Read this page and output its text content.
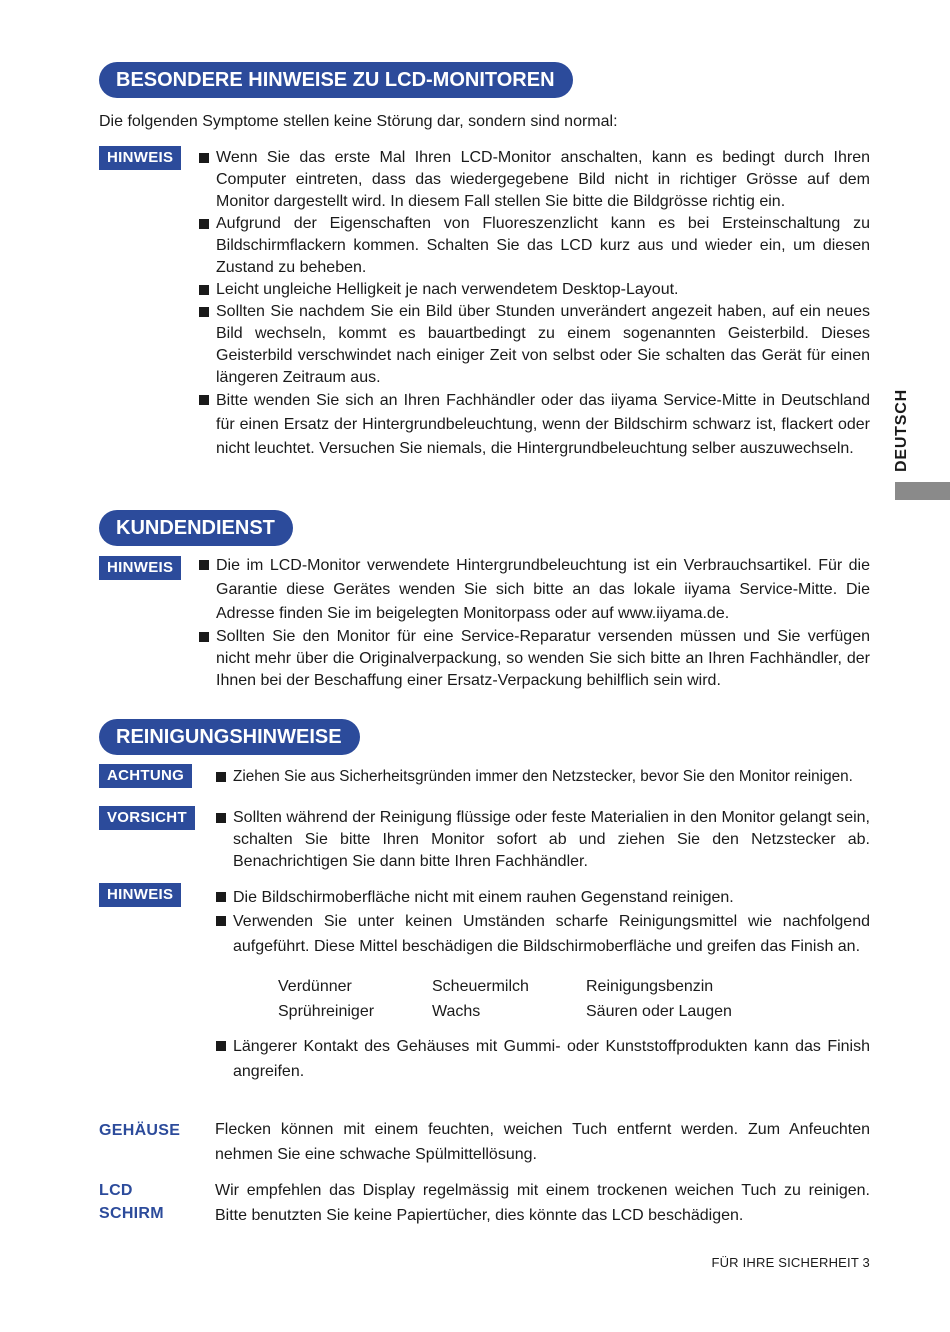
BESONDERE HINWEISE ZU LCD-MONITOREN
Die folgenden Symptome stellen keine Störung dar, sondern sind normal:
HINWEIS	Wenn Sie das erste Mal Ihren LCD-Monitor anschalten, kann es bedingt durch Ihren Computer eintreten, dass das wiedergegebene Bild nicht in richtiger Grösse auf dem Monitor dargestellt wird. In diesem Fall stellen Sie bitte die Bildgrösse richtig ein.
Aufgrund der Eigenschaften von Fluoreszenzlicht kann es bei Ersteinschaltung zu Bildschirmflackern kommen. Schalten Sie das LCD kurz aus und wieder ein, um diesen Zustand zu beheben.
Leicht ungleiche Helligkeit je nach verwendetem Desktop-Layout.
Sollten Sie nachdem Sie ein Bild über Stunden unverändert angezeit haben, auf ein neues Bild wechseln, kommt es bauartbedingt zu einem sogenannten Geisterbild. Dieses Geisterbild verschwindet nach einiger Zeit von selbst oder Sie schalten das Gerät für einen längeren Zeitraum aus.
Bitte wenden Sie sich an Ihren Fachhändler oder das iiyama Service-Mitte in Deutschland für einen Ersatz der Hintergrundbeleuchtung, wenn der Bildschirm schwarz ist, flackert oder nicht leuchtet. Versuchen Sie niemals, die Hintergrundbeleuchtung selber auszuwechseln.	DEUTSCH
KUNDENDIENST
HINWEIS	Die im LCD-Monitor verwendete Hintergrundbeleuchtung ist ein Verbrauchsartikel. Für die Garantie diese Gerätes wenden Sie sich bitte an das lokale iiyama Service-Mitte. Die Adresse finden Sie im beigelegten Monitorpass oder auf www.iiyama.de.
Sollten Sie den Monitor für eine Service-Reparatur versenden müssen und Sie verfügen nicht mehr über die Originalverpackung, so wenden Sie sich bitte an Ihren Fachhändler, der Ihnen bei der Beschaffung einer Ersatz-Verpackung behilflich sein wird.
REINIGUNGSHINWEISE
ACHTUNG	Ziehen Sie aus Sicherheitsgründen immer den Netzstecker, bevor Sie den Monitor reinigen.
VORSICHT	Sollten während der Reinigung flüssige oder feste Materialien in den Monitor gelangt sein, schalten Sie bitte Ihren Monitor sofort ab und ziehen Sie den Netzstecker ab. Benachrichtigen Sie dann bitte Ihren Fachhändler.
HINWEIS	Die Bildschirmoberfläche nicht mit einem rauhen Gegenstand reinigen.
Verwenden Sie unter keinen Umständen scharfe Reinigungsmittel wie nachfolgend aufgeführt. Diese Mittel beschädigen die Bildschirmoberfläche und greifen das Finish an.
Verdünner	Scheuermilch	Reinigungsbenzin
Sprühreiniger	Wachs	Säuren oder Laugen
Längerer Kontakt des Gehäuses mit Gummi- oder Kunststoffprodukten kann das Finish angreifen.
GEHÄUSE Flecken können mit einem feuchten, weichen Tuch entfernt werden. Zum Anfeuchten nehmen Sie eine schwache Spülmittellösung.
LCD
SCHIRM
Wir empfehlen das Display regelmässig mit einem trockenen weichen Tuch zu reinigen. Bitte benutzten Sie keine Papiertücher, dies könnte das LCD beschädigen.
FÜR IHRE SICHERHEIT 3
